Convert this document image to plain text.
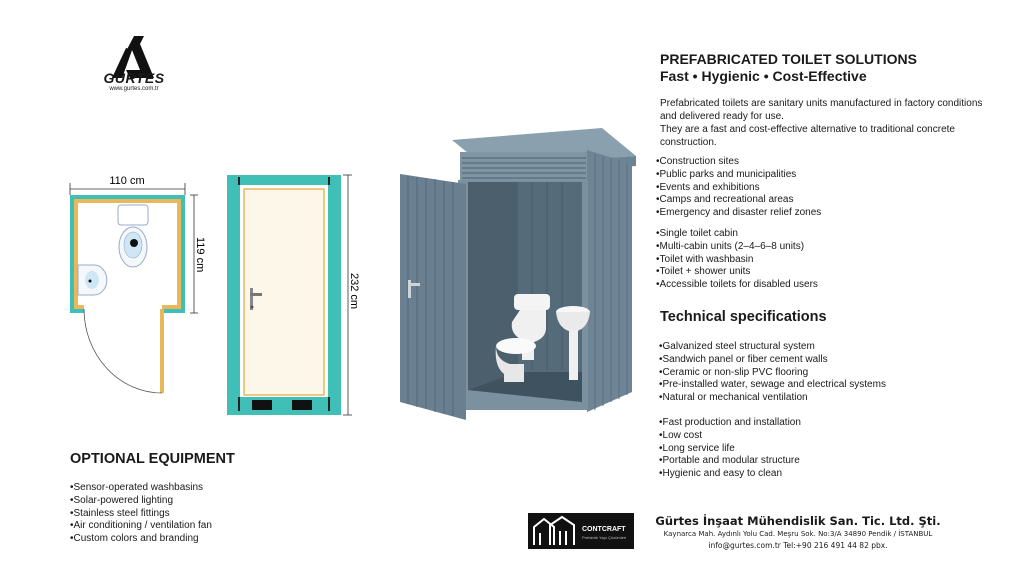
GÜRTES
www.gurtes.com.tr
110 cm
119 cm
232 cm
PREFABRICATED TOILET SOLUTIONS
Fast • Hygienic • Cost-Effective
Prefabricated toilets are sanitary units manufactured in factory conditions
and delivered ready for use.
They are a fast and cost-effective alternative to traditional concrete
construction.
• Construction sites
• Public parks and municipalities
• Events and exhibitions
• Camps and recreational areas
• Emergency and disaster relief zones
• Single toilet cabin
• Multi-cabin units (2–4–6–8 units)
• Toilet with washbasin
• Toilet + shower units
• Accessible toilets for disabled users
Technical specifications
• Galvanized steel structural system
• Sandwich panel or fiber cement walls
• Ceramic or non-slip PVC flooring
• Pre-installed water, sewage and electrical systems
• Natural or mechanical ventilation
• Fast production and installation
• Low cost
• Long service life
• Portable and modular structure
• Hygienic and easy to clean
OPTIONAL EQUIPMENT
• Sensor-operated washbasins
• Solar-powered lighting
• Stainless steel fittings
• Air conditioning / ventilation fan
• Custom colors and branding
CONTCRAFT
Prefabrik Yapı Çözümleri
Gürtes İnşaat Mühendislik San. Tic. Ltd. Şti.
Kaynarca Mah. Aydınlı Yolu Cad. Meşru Sok. No:3/A 34890 Pendik / İSTANBUL
info@gurtes.com.tr Tel:+90 216 491 44 82 pbx.
